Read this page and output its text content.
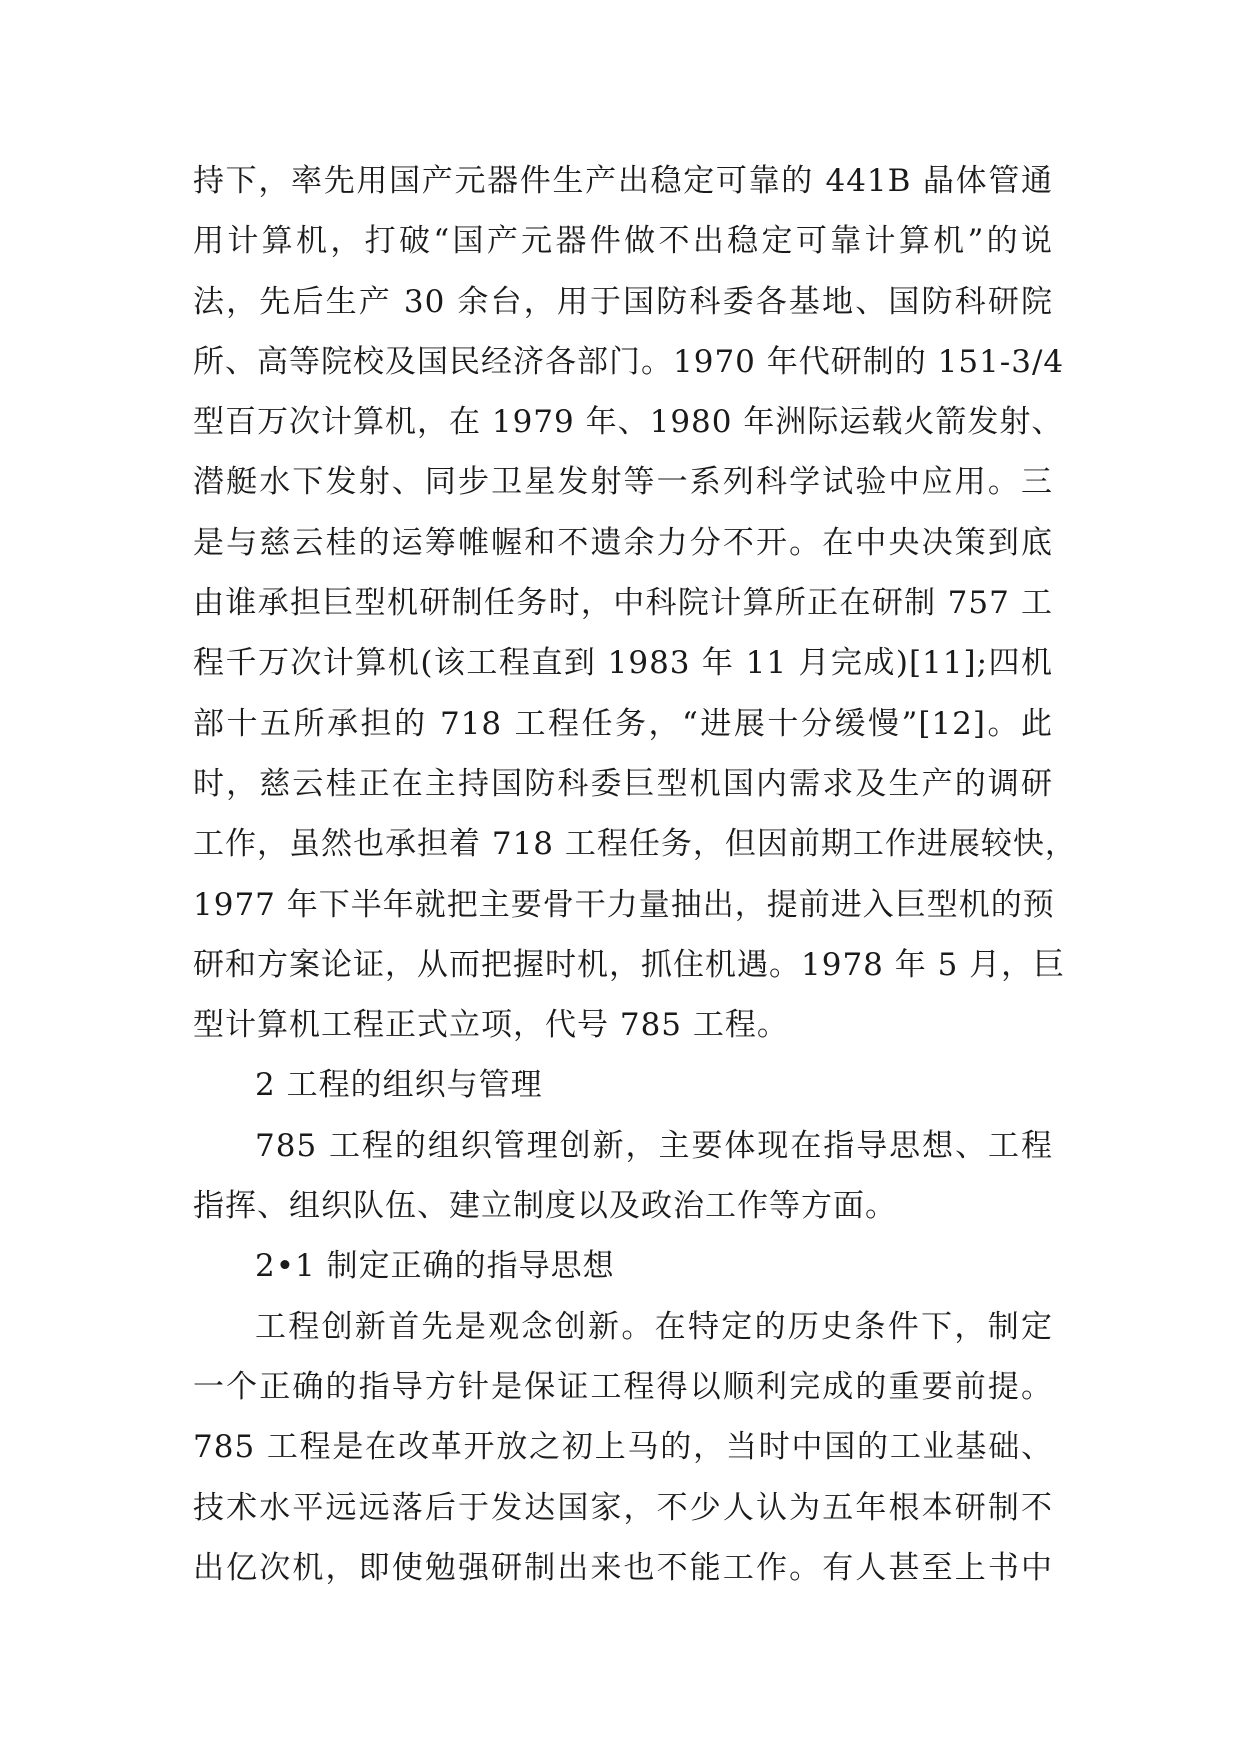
持下，率先用国产元器件生产出稳定可靠的 441B 晶体管通
用计算机，打破“国产元器件做不出稳定可靠计算机”的说
法，先后生产 30 余台，用于国防科委各基地、国防科研院
所、高等院校及国民经济各部门。1970 年代研制的 151-3/4
型百万次计算机，在 1979 年、1980 年洲际运载火箭发射、
潜艇水下发射、同步卫星发射等一系列科学试验中应用。三
是与慈云桂的运筹帷幄和不遗余力分不开。在中央决策到底
由谁承担巨型机研制任务时，中科院计算所正在研制 757 工
程千万次计算机(该工程直到 1983 年 11 月完成)[11];四机
部十五所承担的 718 工程任务，“进展十分缓慢”[12]。此
时，慈云桂正在主持国防科委巨型机国内需求及生产的调研
工作，虽然也承担着 718 工程任务，但因前期工作进展较快，
1977 年下半年就把主要骨干力量抽出，提前进入巨型机的预
研和方案论证，从而把握时机，抓住机遇。1978 年 5 月，巨
型计算机工程正式立项，代号 785 工程。
2 工程的组织与管理
785 工程的组织管理创新，主要体现在指导思想、工程
指挥、组织队伍、建立制度以及政治工作等方面。
2•1 制定正确的指导思想
工程创新首先是观念创新。在特定的历史条件下，制定
一个正确的指导方针是保证工程得以顺利完成的重要前提。
785 工程是在改革开放之初上马的，当时中国的工业基础、
技术水平远远落后于发达国家，不少人认为五年根本研制不
出亿次机，即使勉强研制出来也不能工作。有人甚至上书中
